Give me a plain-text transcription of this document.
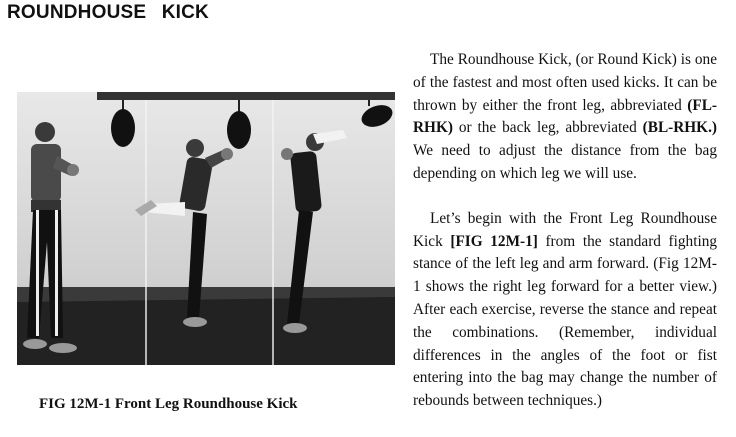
ROUNDHOUSE KICK
FIG 12M-1 Front Leg Roundhouse Kick

The Roundhouse Kick, (or Round Kick) is one of the fastest and most often used kicks. It can be thrown by either the front leg, abbreviated (FL-RHK) or the back leg, abbreviated (BL-RHK.) We need to adjust the distance from the bag depending on which leg we will use.

Let’s begin with the Front Leg Roundhouse Kick [FIG 12M-1] from the standard fighting stance of the left leg and arm forward. (Fig 12M-1 shows the right leg forward for a better view.) After each exercise, reverse the stance and repeat the combinations. (Remember, individual differences in the angles of the foot or fist entering into the bag may change the number of rebounds between techniques.)
